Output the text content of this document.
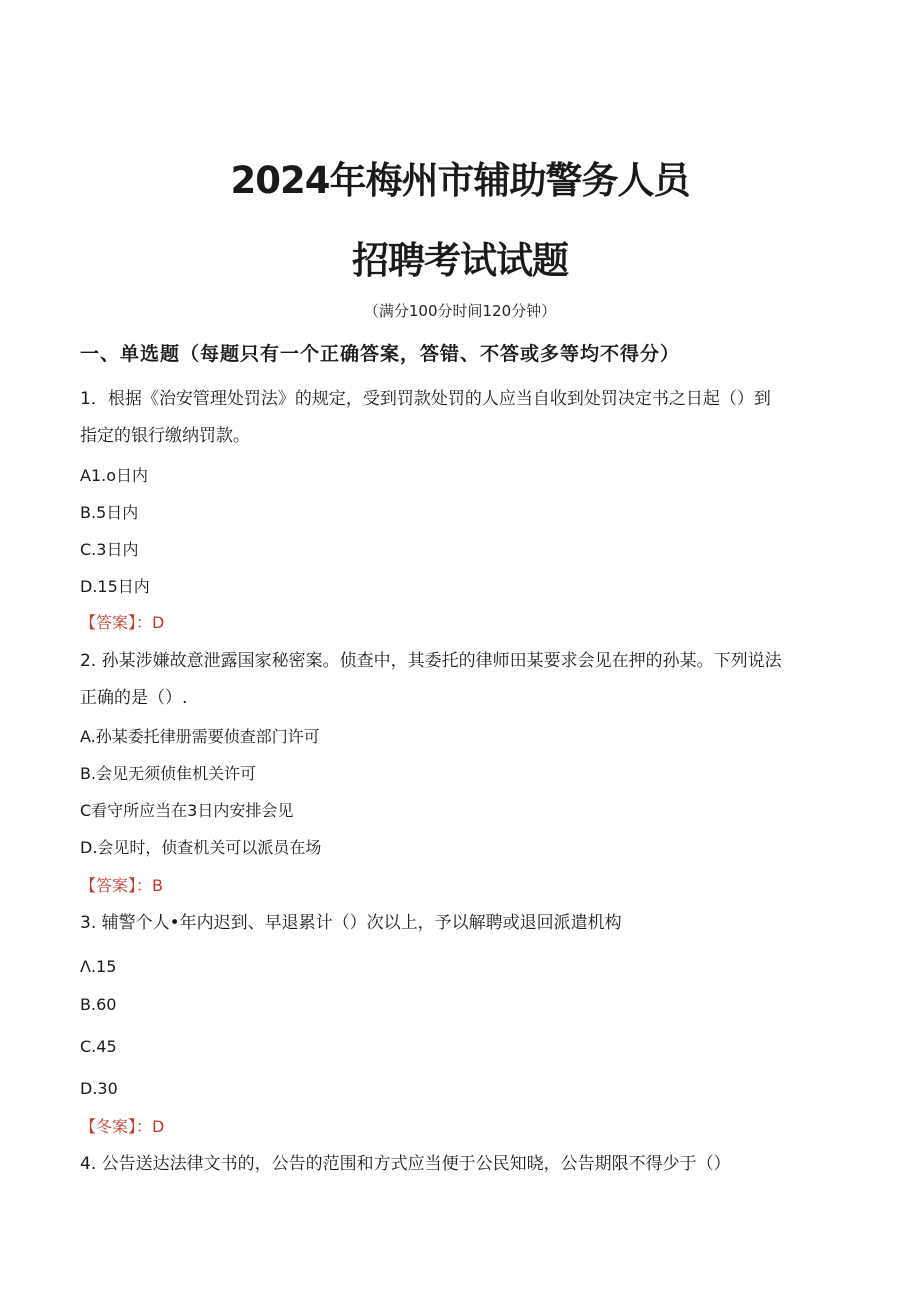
2024年梅州市辅助警务人员
招聘考试试题
（满分100分时间120分钟）
一、单选题（每题只有一个正确答案，答错、不答或多等均不得分）
1．根据《治安管理处罚法》的规定，受到罚款处罚的人应当自收到处罚决定书之日起（）到
指定的银行缴纳罚款。
A1.o日内
B.5日内
C.3日内
D.15日内
【答案】：D
2. 孙某涉嫌故意泄露国家秘密案。侦查中，其委托的律师田某要求会见在押的孙某。下列说法
正确的是（）.
A.孙某委托律册需要侦查部门许可
B.会见无须侦隹机关许可
C看守所应当在3日内安排会见
D.会见时，侦查机关可以派员在场
【答案】：B
3. 辅警个人•年内迟到、早退累计（）次以上，予以解聘或退回派遣机构
Λ.15
B.60
C.45
D.30
【冬案】：D
4. 公告送达法律文书的，公告的范围和方式应当便于公民知晓，公告期限不得少于（）
